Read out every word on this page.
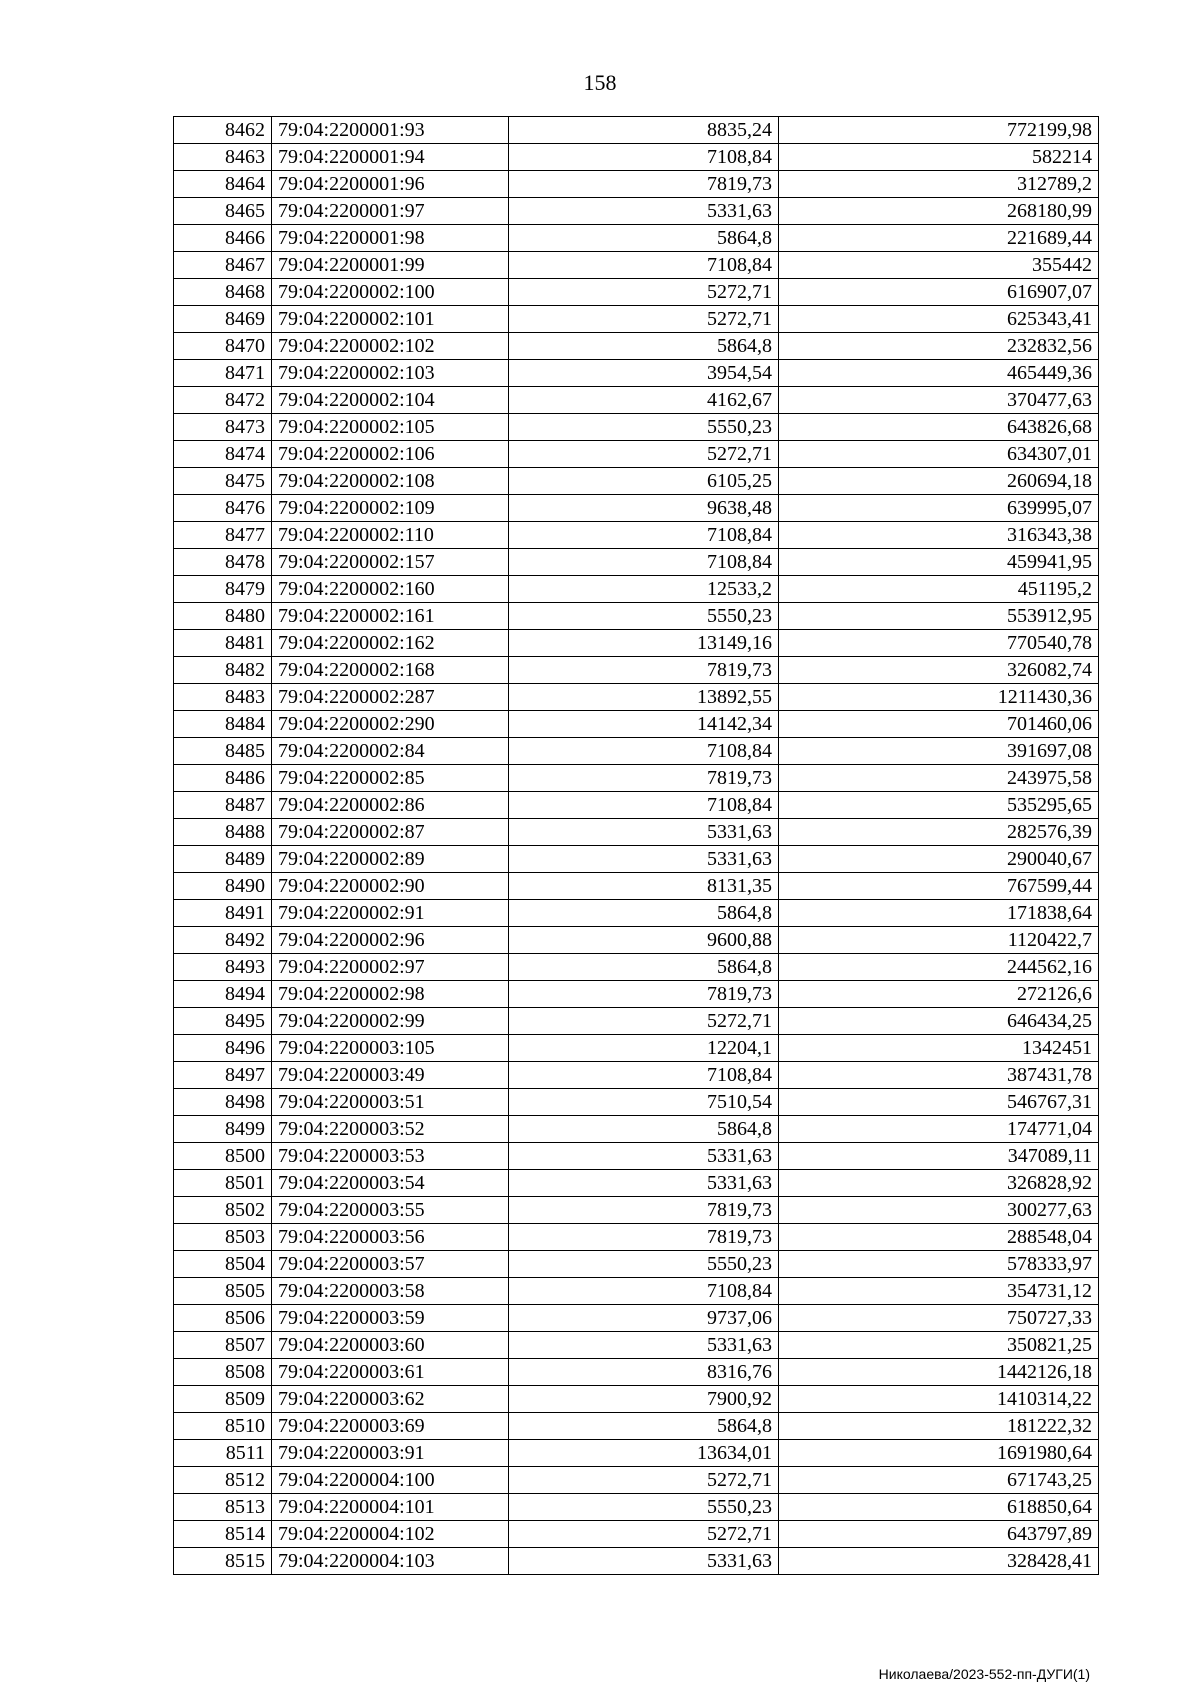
158
8462	79:04:2200001:93	8835,24	772199,98
8463	79:04:2200001:94	7108,84	582214
8464	79:04:2200001:96	7819,73	312789,2
8465	79:04:2200001:97	5331,63	268180,99
8466	79:04:2200001:98	5864,8	221689,44
8467	79:04:2200001:99	7108,84	355442
8468	79:04:2200002:100	5272,71	616907,07
8469	79:04:2200002:101	5272,71	625343,41
8470	79:04:2200002:102	5864,8	232832,56
8471	79:04:2200002:103	3954,54	465449,36
8472	79:04:2200002:104	4162,67	370477,63
8473	79:04:2200002:105	5550,23	643826,68
8474	79:04:2200002:106	5272,71	634307,01
8475	79:04:2200002:108	6105,25	260694,18
8476	79:04:2200002:109	9638,48	639995,07
8477	79:04:2200002:110	7108,84	316343,38
8478	79:04:2200002:157	7108,84	459941,95
8479	79:04:2200002:160	12533,2	451195,2
8480	79:04:2200002:161	5550,23	553912,95
8481	79:04:2200002:162	13149,16	770540,78
8482	79:04:2200002:168	7819,73	326082,74
8483	79:04:2200002:287	13892,55	1211430,36
8484	79:04:2200002:290	14142,34	701460,06
8485	79:04:2200002:84	7108,84	391697,08
8486	79:04:2200002:85	7819,73	243975,58
8487	79:04:2200002:86	7108,84	535295,65
8488	79:04:2200002:87	5331,63	282576,39
8489	79:04:2200002:89	5331,63	290040,67
8490	79:04:2200002:90	8131,35	767599,44
8491	79:04:2200002:91	5864,8	171838,64
8492	79:04:2200002:96	9600,88	1120422,7
8493	79:04:2200002:97	5864,8	244562,16
8494	79:04:2200002:98	7819,73	272126,6
8495	79:04:2200002:99	5272,71	646434,25
8496	79:04:2200003:105	12204,1	1342451
8497	79:04:2200003:49	7108,84	387431,78
8498	79:04:2200003:51	7510,54	546767,31
8499	79:04:2200003:52	5864,8	174771,04
8500	79:04:2200003:53	5331,63	347089,11
8501	79:04:2200003:54	5331,63	326828,92
8502	79:04:2200003:55	7819,73	300277,63
8503	79:04:2200003:56	7819,73	288548,04
8504	79:04:2200003:57	5550,23	578333,97
8505	79:04:2200003:58	7108,84	354731,12
8506	79:04:2200003:59	9737,06	750727,33
8507	79:04:2200003:60	5331,63	350821,25
8508	79:04:2200003:61	8316,76	1442126,18
8509	79:04:2200003:62	7900,92	1410314,22
8510	79:04:2200003:69	5864,8	181222,32
8511	79:04:2200003:91	13634,01	1691980,64
8512	79:04:2200004:100	5272,71	671743,25
8513	79:04:2200004:101	5550,23	618850,64
8514	79:04:2200004:102	5272,71	643797,89
8515	79:04:2200004:103	5331,63	328428,41
Николаева/2023-552-пп-ДУГИ(1)
